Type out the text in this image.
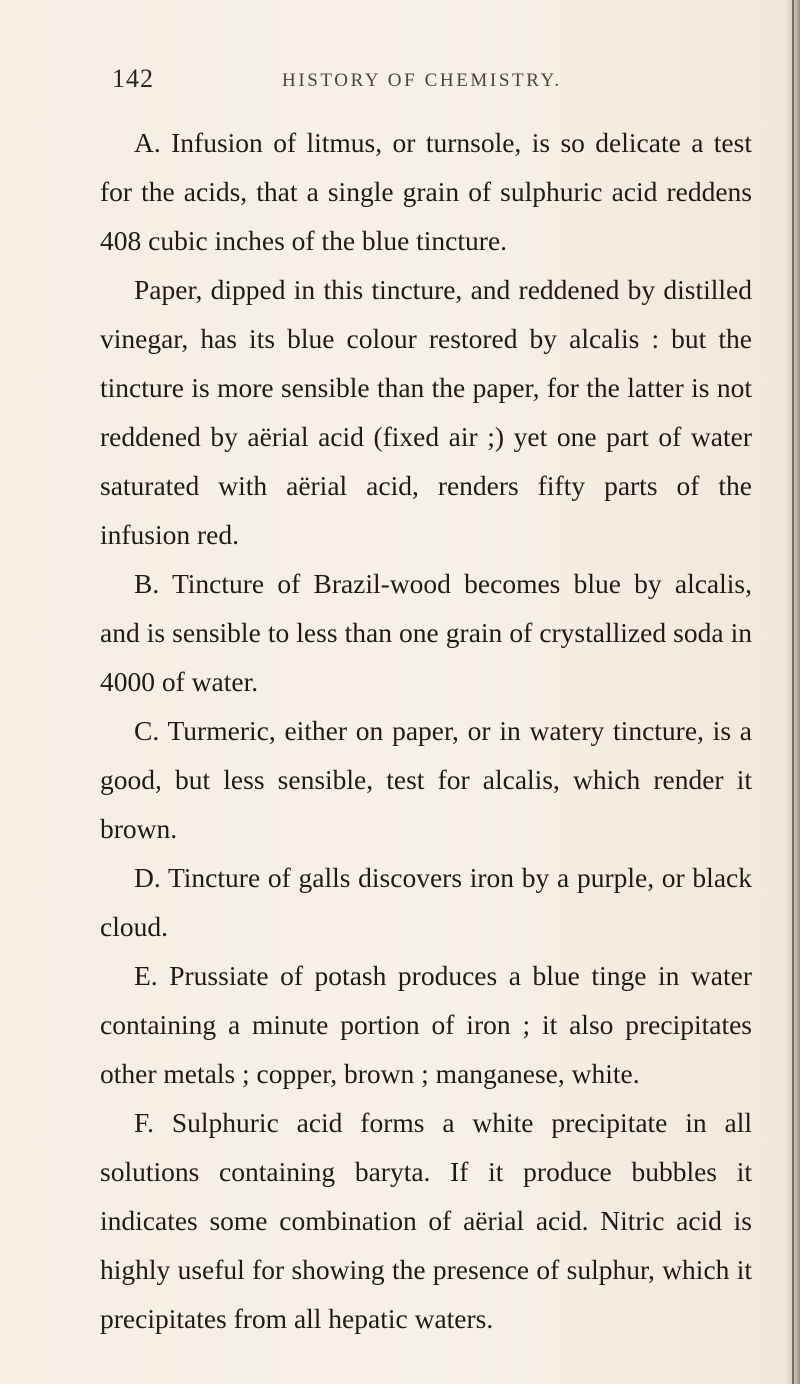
142	HISTORY OF CHEMISTRY.

A. Infusion of litmus, or turnsole, is so delicate a test for the acids, that a single grain of sulphuric acid reddens 408 cubic inches of the blue tincture.

Paper, dipped in this tincture, and reddened by distilled vinegar, has its blue colour restored by alcalis : but the tincture is more sensible than the paper, for the latter is not reddened by aërial acid (fixed air ;) yet one part of water saturated with aërial acid, renders fifty parts of the infusion red.

B. Tincture of Brazil-wood becomes blue by alcalis, and is sensible to less than one grain of crystallized soda in 4000 of water.

C. Turmeric, either on paper, or in watery tincture, is a good, but less sensible, test for alcalis, which render it brown.

D. Tincture of galls discovers iron by a purple, or black cloud.

E. Prussiate of potash produces a blue tinge in water containing a minute portion of iron ; it also precipitates other metals ; copper, brown ; manganese, white.

F. Sulphuric acid forms a white precipitate in all solutions containing baryta. If it produce bubbles it indicates some combination of aërial acid. Nitric acid is highly useful for showing the presence of sulphur, which it precipitates from all hepatic waters.
